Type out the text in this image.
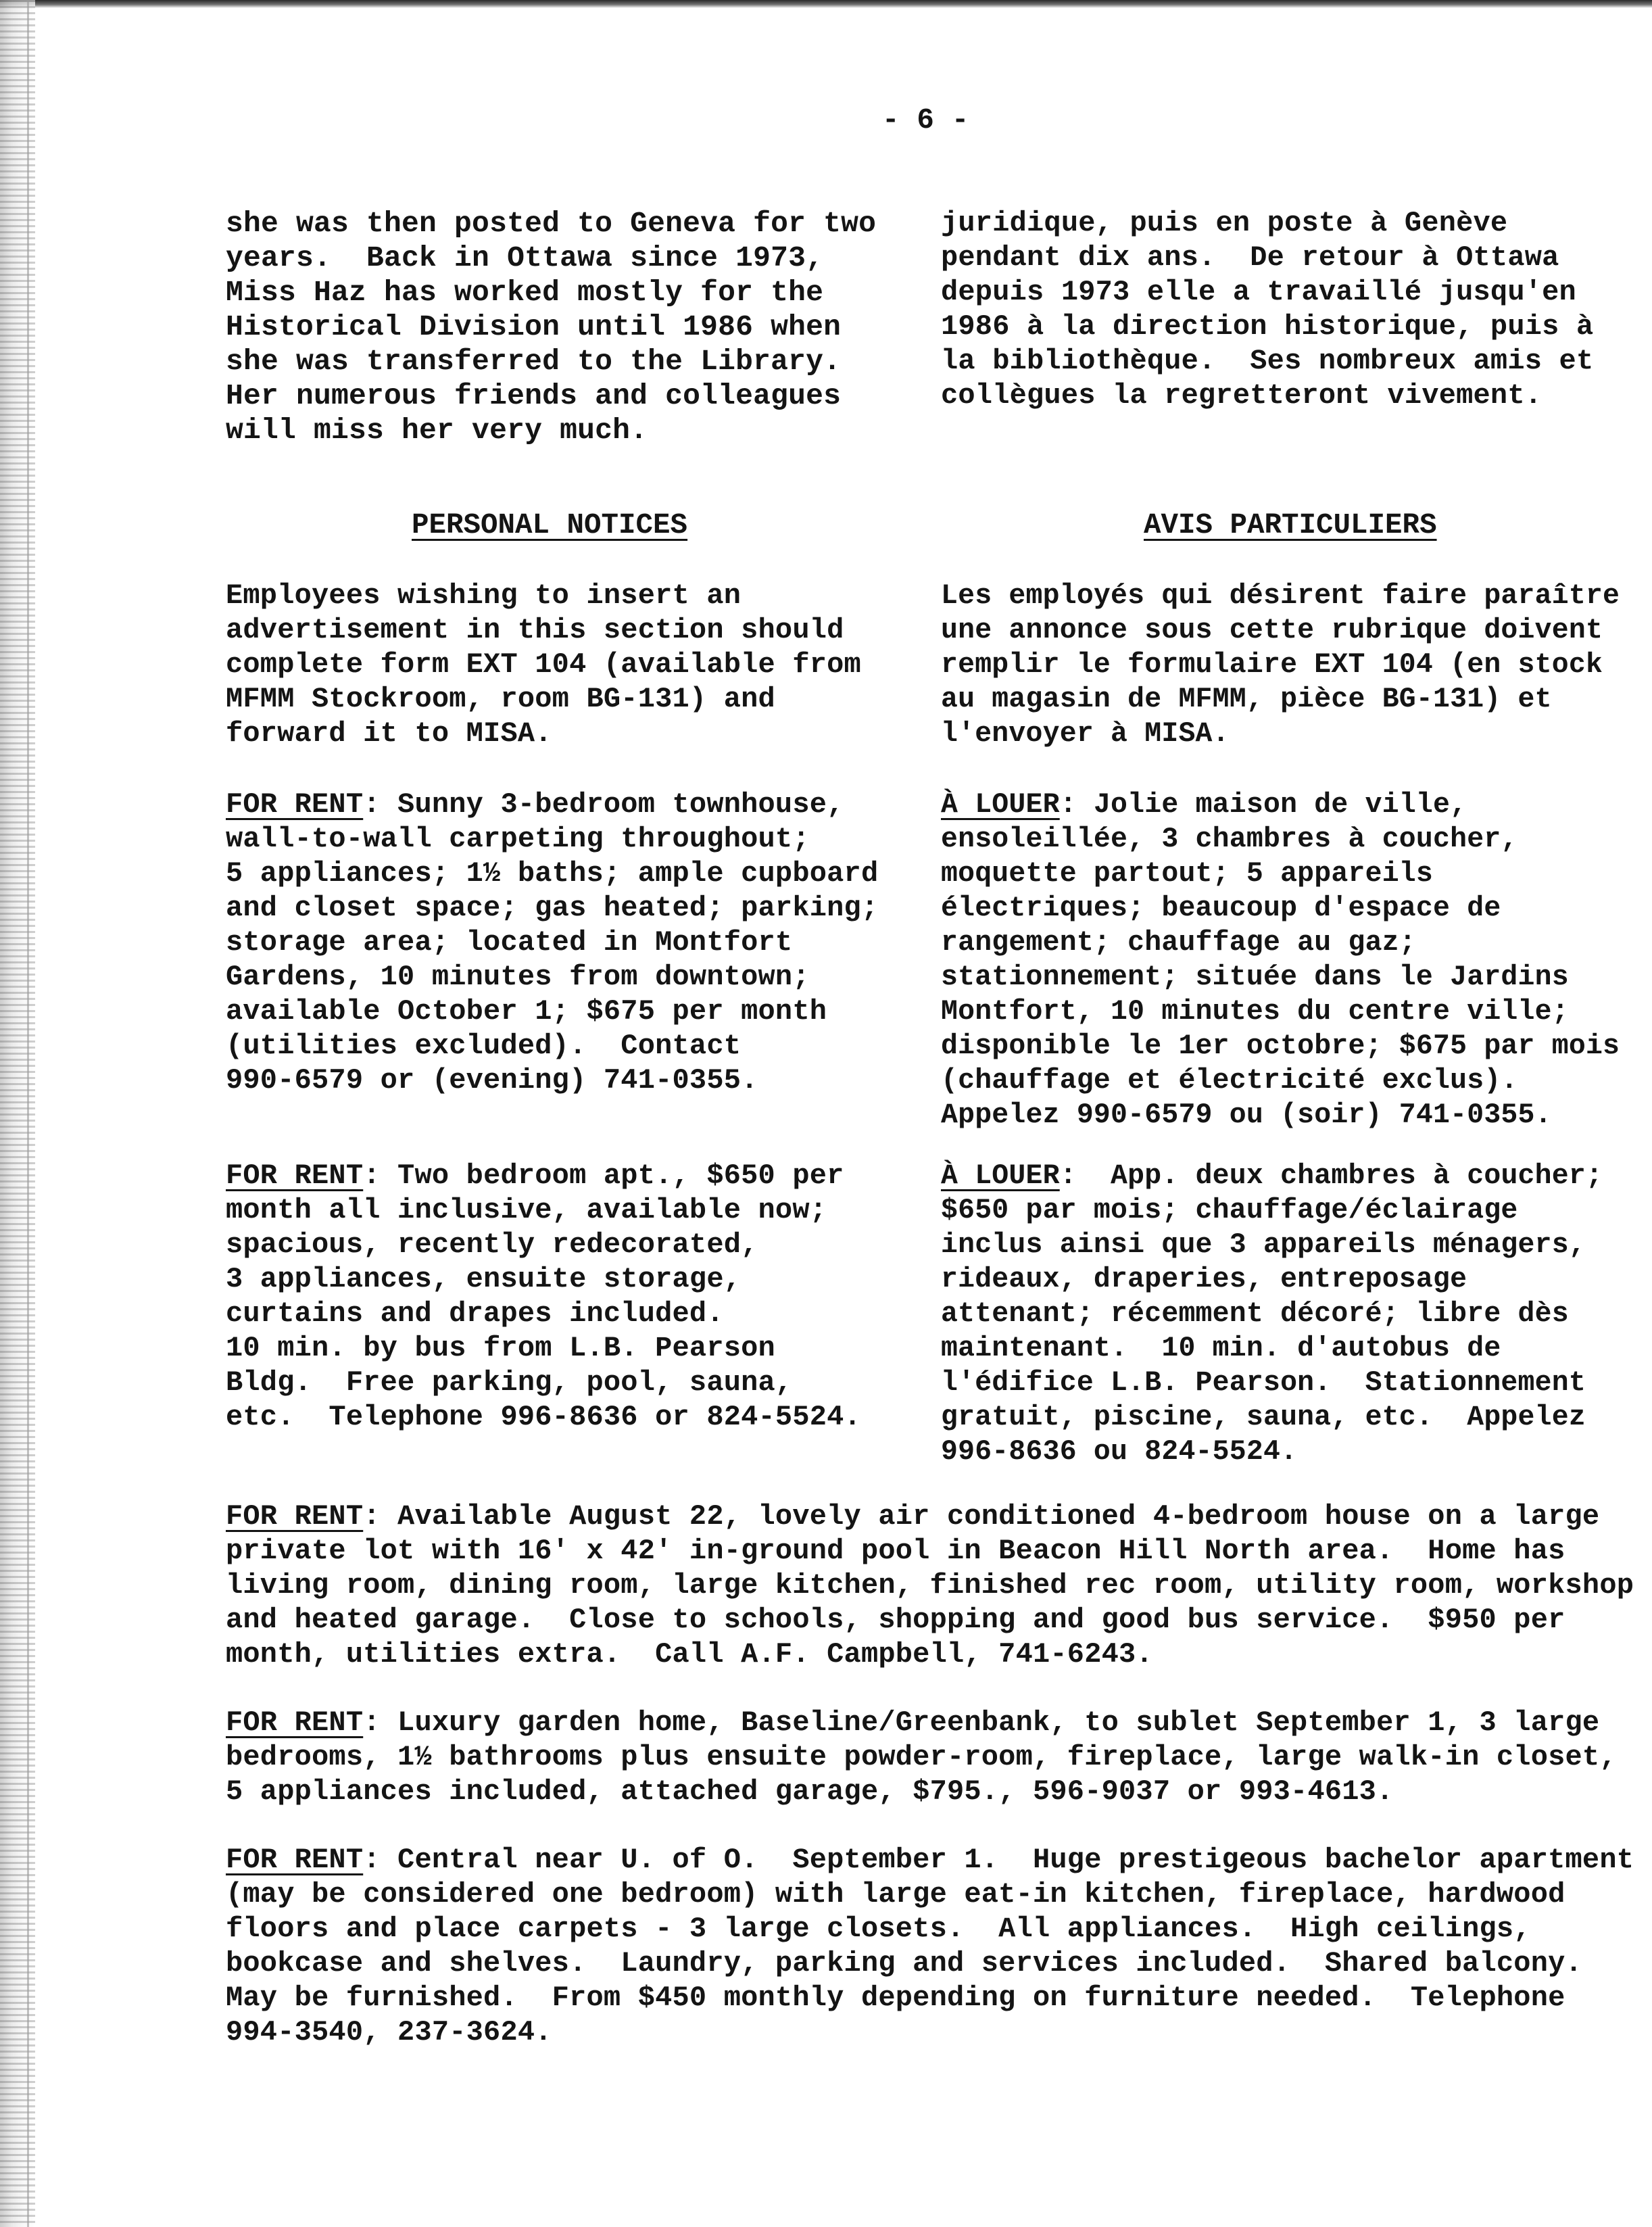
- 6 -

she was then posted to Geneva for two
years.  Back in Ottawa since 1973,
Miss Haz has worked mostly for the
Historical Division until 1986 when
she was transferred to the Library.
Her numerous friends and colleagues
will miss her very much.

juridique, puis en poste à Genève
pendant dix ans.  De retour à Ottawa
depuis 1973 elle a travaillé jusqu'en
1986 à la direction historique, puis à
la bibliothèque.  Ses nombreux amis et
collègues la regretteront vivement.

PERSONAL NOTICES	AVIS PARTICULIERS

Employees wishing to insert an
advertisement in this section should
complete form EXT 104 (available from
MFMM Stockroom, room BG-131) and
forward it to MISA.

Les employés qui désirent faire paraître
une annonce sous cette rubrique doivent
remplir le formulaire EXT 104 (en stock
au magasin de MFMM, pièce BG-131) et
l'envoyer à MISA.

FOR RENT: Sunny 3-bedroom townhouse,
wall-to-wall carpeting throughout;
5 appliances; 1½ baths; ample cupboard
and closet space; gas heated; parking;
storage area; located in Montfort
Gardens, 10 minutes from downtown;
available October 1; $675 per month
(utilities excluded).  Contact
990-6579 or (evening) 741-0355.

À LOUER: Jolie maison de ville,
ensoleillée, 3 chambres à coucher,
moquette partout; 5 appareils
électriques; beaucoup d'espace de
rangement; chauffage au gaz;
stationnement; située dans le Jardins
Montfort, 10 minutes du centre ville;
disponible le 1er octobre; $675 par mois
(chauffage et électricité exclus).
Appelez 990-6579 ou (soir) 741-0355.

FOR RENT: Two bedroom apt., $650 per
month all inclusive, available now;
spacious, recently redecorated,
3 appliances, ensuite storage,
curtains and drapes included.
10 min. by bus from L.B. Pearson
Bldg.  Free parking, pool, sauna,
etc.  Telephone 996-8636 or 824-5524.

À LOUER:  App. deux chambres à coucher;
$650 par mois; chauffage/éclairage
inclus ainsi que 3 appareils ménagers,
rideaux, draperies, entreposage
attenant; récemment décoré; libre dès
maintenant.  10 min. d'autobus de
l'édifice L.B. Pearson.  Stationnement
gratuit, piscine, sauna, etc.  Appelez
996-8636 ou 824-5524.

FOR RENT: Available August 22, lovely air conditioned 4-bedroom house on a large
private lot with 16' x 42' in-ground pool in Beacon Hill North area.  Home has
living room, dining room, large kitchen, finished rec room, utility room, workshop
and heated garage.  Close to schools, shopping and good bus service.  $950 per
month, utilities extra.  Call A.F. Campbell, 741-6243.

FOR RENT: Luxury garden home, Baseline/Greenbank, to sublet September 1, 3 large
bedrooms, 1½ bathrooms plus ensuite powder-room, fireplace, large walk-in closet,
5 appliances included, attached garage, $795., 596-9037 or 993-4613.

FOR RENT: Central near U. of O.  September 1.  Huge prestigeous bachelor apartment
(may be considered one bedroom) with large eat-in kitchen, fireplace, hardwood
floors and place carpets - 3 large closets.  All appliances.  High ceilings,
bookcase and shelves.  Laundry, parking and services included.  Shared balcony.
May be furnished.  From $450 monthly depending on furniture needed.  Telephone
994-3540, 237-3624.
